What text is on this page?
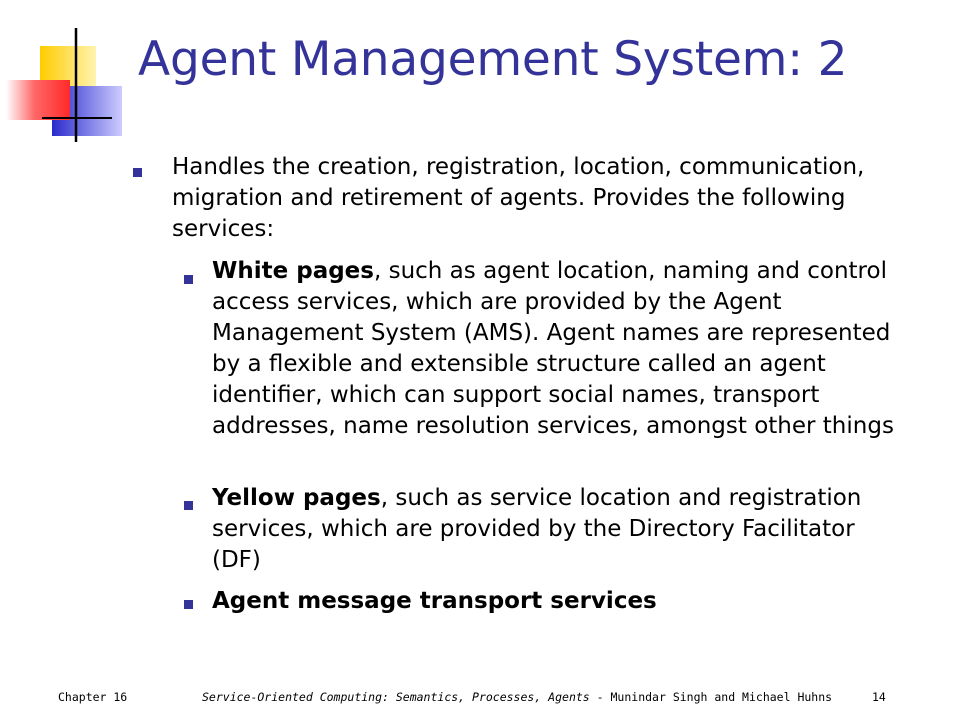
Agent Management System: 2
Handles the creation, registration, location, communication, migration and retirement of agents. Provides the following services:
White pages, such as agent location, naming and control access services, which are provided by the Agent Management System (AMS). Agent names are represented by a flexible and extensible structure called an agent identifier, which can support social names, transport addresses, name resolution services, amongst other things
Yellow pages, such as service location and registration services, which are provided by the Directory Facilitator (DF)
Agent message transport services
Chapter 16	Service-Oriented Computing: Semantics, Processes, Agents - Munindar Singh and Michael Huhns	14
